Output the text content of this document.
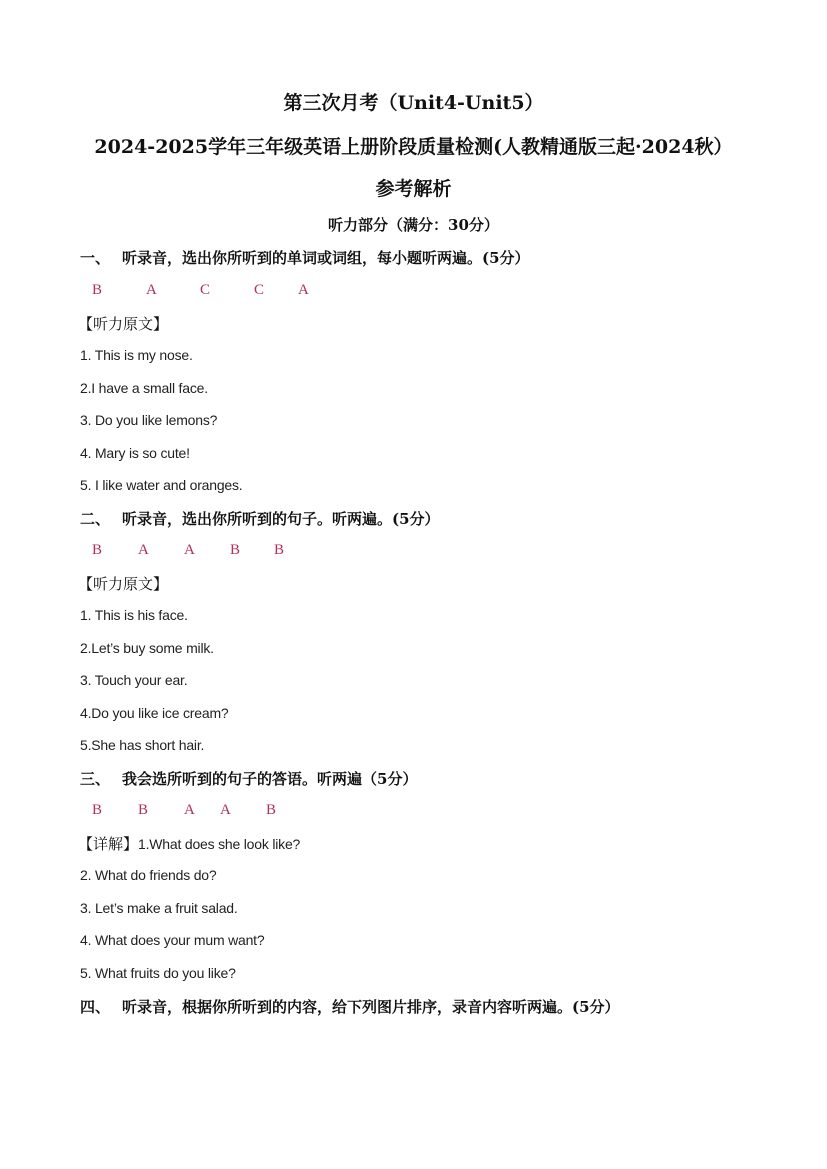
第三次月考（Unit4-Unit5）
2024-2025学年三年级英语上册阶段质量检测(人教精通版三起·2024秋）
参考解析
听力部分（满分：30分）
一、 听录音，选出你所听到的单词或词组，每小题听两遍。(5分）
B	A	C	C A
【听力原文】
1. This is my nose.
2.I have a small face.
3. Do you like lemons?
4. Mary is so cute!
5. I like water and oranges.
二、 听录音，选出你所听到的句子。听两遍。(5分）
B A A B B
【听力原文】
1. This is his face.
2.Let’s buy some milk.
3. Touch your ear.
4.Do you like ice cream?
5.She has short hair.
三、 我会选所听到的句子的答语。听两遍（5分）
B B A A B
【详解】1.What does she look like?
2. What do friends do?
3. Let’s make a fruit salad.
4. What does your mum want?
5. What fruits do you like?
四、 听录音，根据你所听到的内容，给下列图片排序，录音内容听两遍。(5分）
